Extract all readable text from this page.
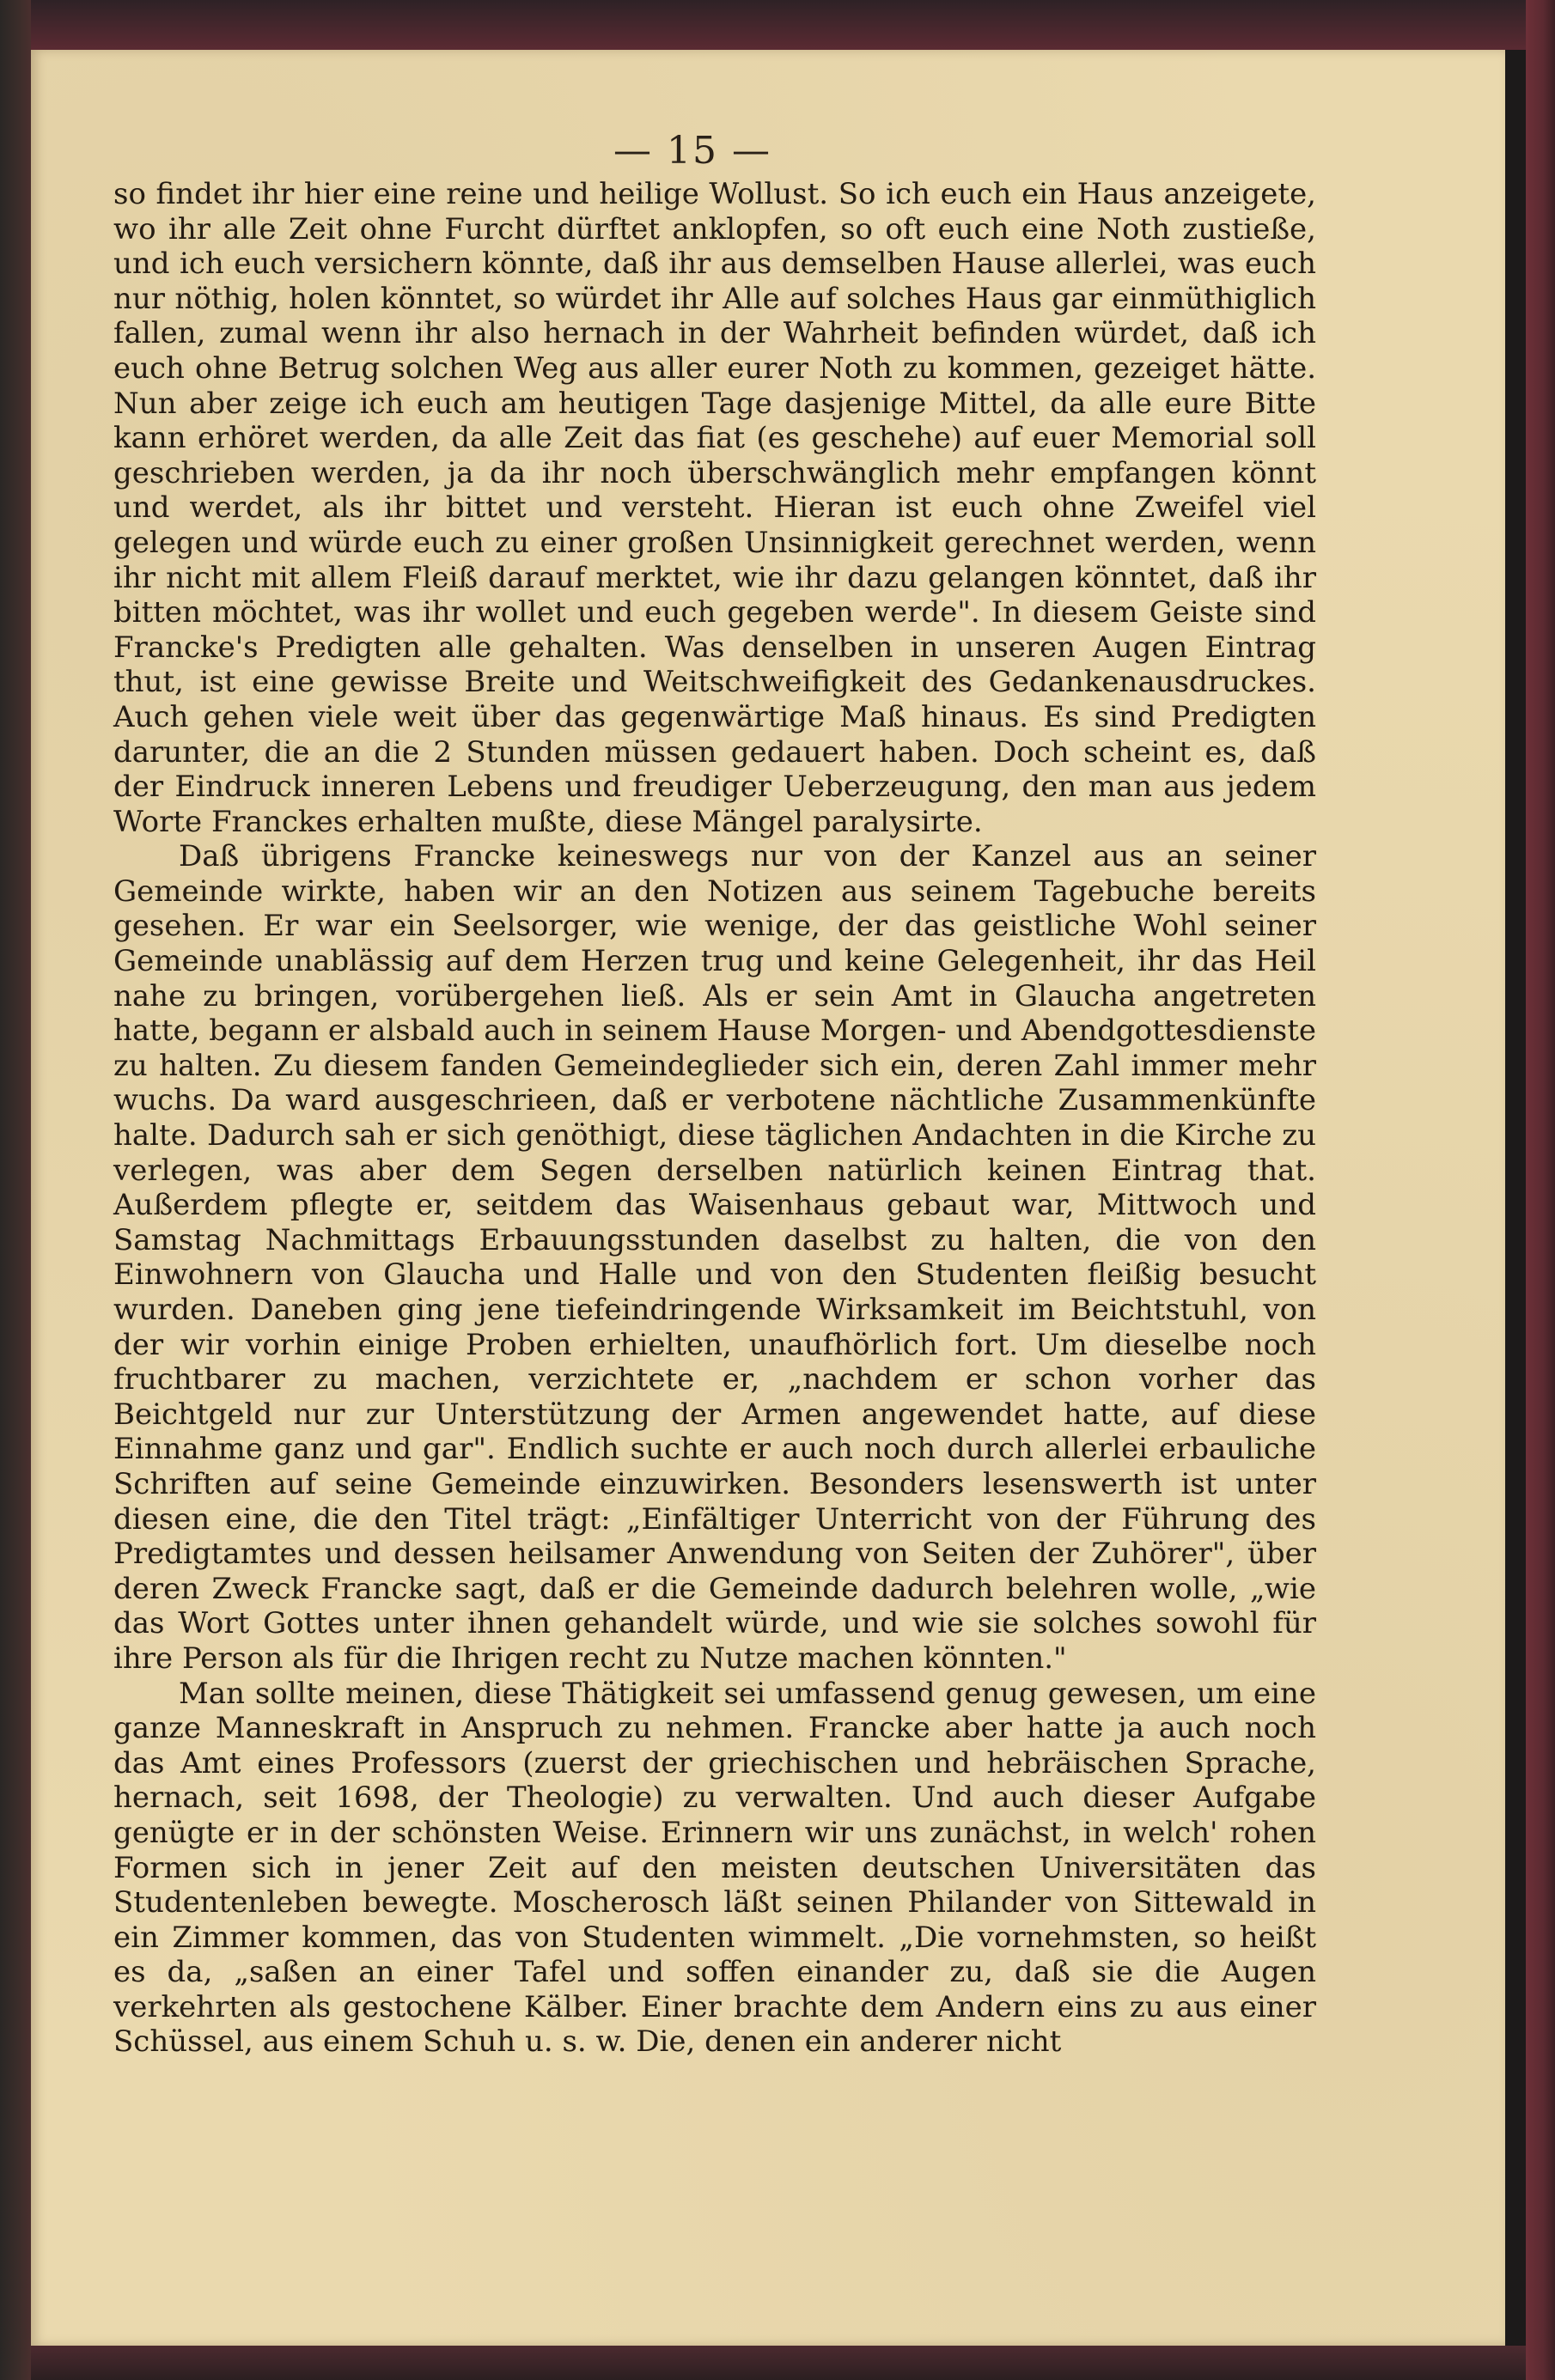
— 15 —

so findet ihr hier eine reine und heilige Wollust. So ich euch ein Haus anzeigete, wo ihr alle Zeit ohne Furcht dürftet anklopfen, so oft euch eine Noth zustieße, und ich euch versichern könnte, daß ihr aus demselben Hause allerlei, was euch nur nöthig, holen könntet, so würdet ihr Alle auf solches Haus gar einmüthiglich fallen, zumal wenn ihr also hernach in der Wahrheit befinden würdet, daß ich euch ohne Betrug solchen Weg aus aller eurer Noth zu kommen, gezeiget hätte. Nun aber zeige ich euch am heutigen Tage dasjenige Mittel, da alle eure Bitte kann erhöret werden, da alle Zeit das fiat (es geschehe) auf euer Memorial soll geschrieben werden, ja da ihr noch überschwänglich mehr empfangen könnt und werdet, als ihr bittet und versteht. Hieran ist euch ohne Zweifel viel gelegen und würde euch zu einer großen Unsinnigkeit gerechnet werden, wenn ihr nicht mit allem Fleiß darauf merktet, wie ihr dazu gelangen könntet, daß ihr bitten möchtet, was ihr wollet und euch gegeben werde". In diesem Geiste sind Francke's Predigten alle gehalten. Was denselben in unseren Augen Eintrag thut, ist eine gewisse Breite und Weitschweifigkeit des Gedankenausdruckes. Auch gehen viele weit über das gegenwärtige Maß hinaus. Es sind Predigten darunter, die an die 2 Stunden müssen gedauert haben. Doch scheint es, daß der Eindruck inneren Lebens und freudiger Ueberzeugung, den man aus jedem Worte Franckes erhalten mußte, diese Mängel paralysirte.

Daß übrigens Francke keineswegs nur von der Kanzel aus an seiner Gemeinde wirkte, haben wir an den Notizen aus seinem Tagebuche bereits gesehen. Er war ein Seelsorger, wie wenige, der das geistliche Wohl seiner Gemeinde unablässig auf dem Herzen trug und keine Gelegenheit, ihr das Heil nahe zu bringen, vorübergehen ließ. Als er sein Amt in Glaucha angetreten hatte, begann er alsbald auch in seinem Hause Morgen- und Abendgottesdienste zu halten. Zu diesem fanden Gemeindeglieder sich ein, deren Zahl immer mehr wuchs. Da ward ausgeschrieen, daß er verbotene nächtliche Zusammenkünfte halte. Dadurch sah er sich genöthigt, diese täglichen Andachten in die Kirche zu verlegen, was aber dem Segen derselben natürlich keinen Eintrag that. Außerdem pflegte er, seitdem das Waisenhaus gebaut war, Mittwoch und Samstag Nachmittags Erbauungsstunden daselbst zu halten, die von den Einwohnern von Glaucha und Halle und von den Studenten fleißig besucht wurden. Daneben ging jene tiefeindringende Wirksamkeit im Beichtstuhl, von der wir vorhin einige Proben erhielten, unaufhörlich fort. Um dieselbe noch fruchtbarer zu machen, verzichtete er, „nachdem er schon vorher das Beichtgeld nur zur Unterstützung der Armen angewendet hatte, auf diese Einnahme ganz und gar". Endlich suchte er auch noch durch allerlei erbauliche Schriften auf seine Gemeinde einzuwirken. Besonders lesenswerth ist unter diesen eine, die den Titel trägt: „Einfältiger Unterricht von der Führung des Predigtamtes und dessen heilsamer Anwendung von Seiten der Zuhörer", über deren Zweck Francke sagt, daß er die Gemeinde dadurch belehren wolle, „wie das Wort Gottes unter ihnen gehandelt würde, und wie sie solches sowohl für ihre Person als für die Ihrigen recht zu Nutze machen könnten."

Man sollte meinen, diese Thätigkeit sei umfassend genug gewesen, um eine ganze Manneskraft in Anspruch zu nehmen. Francke aber hatte ja auch noch das Amt eines Professors (zuerst der griechischen und hebräischen Sprache, hernach, seit 1698, der Theologie) zu verwalten. Und auch dieser Aufgabe genügte er in der schönsten Weise. Erinnern wir uns zunächst, in welch' rohen Formen sich in jener Zeit auf den meisten deutschen Universitäten das Studentenleben bewegte. Moscherosch läßt seinen Philander von Sittewald in ein Zimmer kommen, das von Studenten wimmelt. „Die vornehmsten, so heißt es da, „saßen an einer Tafel und soffen einander zu, daß sie die Augen verkehrten als gestochene Kälber. Einer brachte dem Andern eins zu aus einer Schüssel, aus einem Schuh u. s. w. Die, denen ein anderer nicht
